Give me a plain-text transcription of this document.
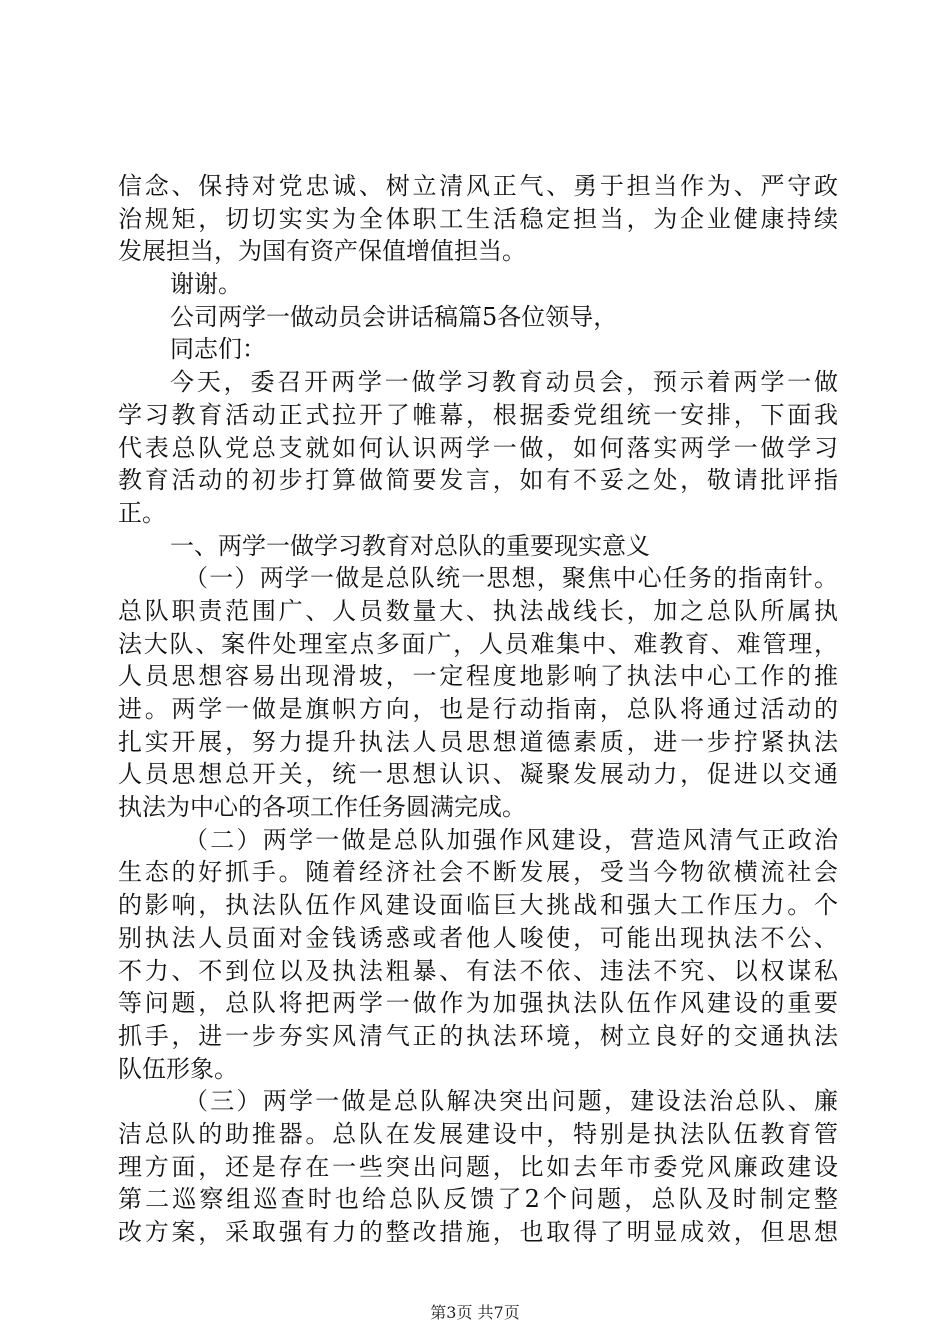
信念、保持对党忠诚、树立清风正气、勇于担当作为、严守政
治规矩，切切实实为全体职工生活稳定担当，为企业健康持续
发展担当，为国有资产保值增值担当。
谢谢。
公司两学一做动员会讲话稿篇5各位领导，
同志们：
今天，委召开两学一做学习教育动员会，预示着两学一做
学习教育活动正式拉开了帷幕，根据委党组统一安排，下面我
代表总队党总支就如何认识两学一做，如何落实两学一做学习
教育活动的初步打算做简要发言，如有不妥之处，敬请批评指
正。
一、两学一做学习教育对总队的重要现实意义
（一）两学一做是总队统一思想，聚焦中心任务的指南针。
总队职责范围广、人员数量大、执法战线长，加之总队所属执
法大队、案件处理室点多面广，人员难集中、难教育、难管理，
人员思想容易出现滑坡，一定程度地影响了执法中心工作的推
进。两学一做是旗帜方向，也是行动指南，总队将通过活动的
扎实开展，努力提升执法人员思想道德素质，进一步拧紧执法
人员思想总开关，统一思想认识、凝聚发展动力，促进以交通
执法为中心的各项工作任务圆满完成。
（二）两学一做是总队加强作风建设，营造风清气正政治
生态的好抓手。随着经济社会不断发展，受当今物欲横流社会
的影响，执法队伍作风建设面临巨大挑战和强大工作压力。个
别执法人员面对金钱诱惑或者他人唆使，可能出现执法不公、
不力、不到位以及执法粗暴、有法不依、违法不究、以权谋私
等问题，总队将把两学一做作为加强执法队伍作风建设的重要
抓手，进一步夯实风清气正的执法环境，树立良好的交通执法
队伍形象。
（三）两学一做是总队解决突出问题，建设法治总队、廉
洁总队的助推器。总队在发展建设中，特别是执法队伍教育管
理方面，还是存在一些突出问题，比如去年市委党风廉政建设
第二巡察组巡查时也给总队反馈了2个问题，总队及时制定整
改方案，采取强有力的整改措施，也取得了明显成效，但思想
第3页 共7页
